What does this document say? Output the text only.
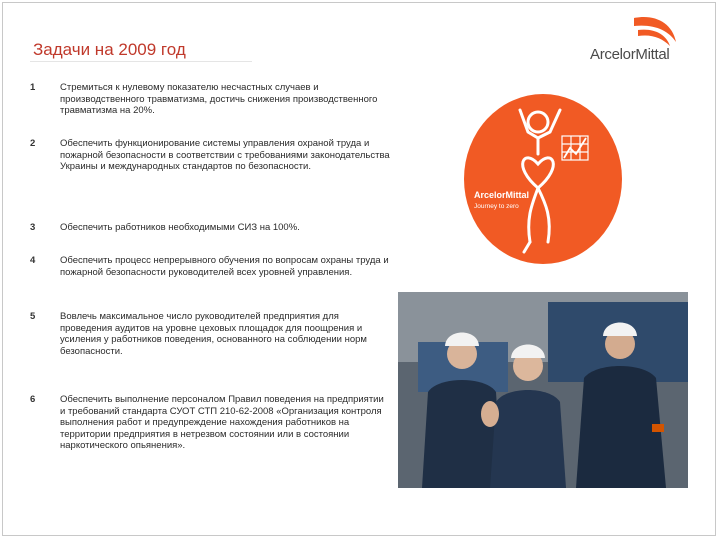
Задачи на 2009 год	ArcelorMittal
1	Стремиться к нулевому показателю несчастных случаев и производственного травматизма, достичь снижения производственного травматизма на 20%.
2	Обеспечить функционирование системы управления охраной труда и пожарной безопасности в соответствии с требованиями законодательства Украины и международных стандартов по безопасности.
3	Обеспечить работников необходимыми СИЗ на 100%.
4	Обеспечить процесс непрерывного обучения по вопросам охраны труда и пожарной безопасности руководителей всех уровней управления.
5	Вовлечь максимальное число руководителей предприятия для проведения аудитов на уровне цеховых площадок для поощрения и усиления у работников поведения, основанного на соблюдении норм безопасности.
6	Обеспечить выполнение персоналом Правил поведения на предприятии и требований стандарта СУОТ СТП 210-62-2008 «Организация контроля выполнения работ и предупреждение нахождения работников на территории предприятия в нетрезвом состоянии или в состоянии наркотического опьянения».
ArcelorMittal
Journey to zero
